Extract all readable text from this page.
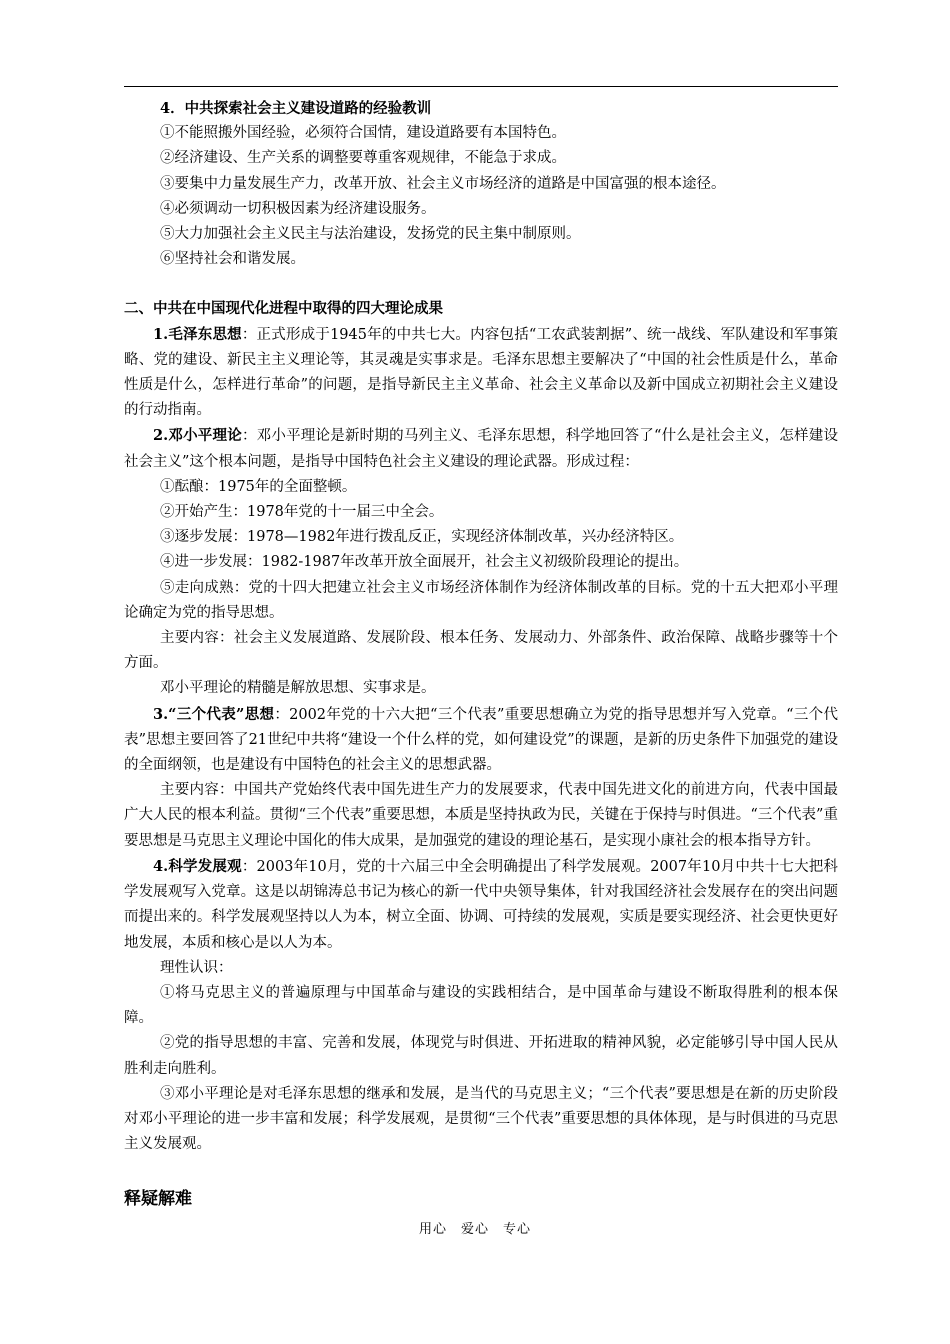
4．中共探索社会主义建设道路的经验教训

①不能照搬外国经验，必须符合国情，建设道路要有本国特色。

②经济建设、生产关系的调整要尊重客观规律，不能急于求成。

③要集中力量发展生产力，改革开放、社会主义市场经济的道路是中国富强的根本途径。

④必须调动一切积极因素为经济建设服务。

⑤大力加强社会主义民主与法治建设，发扬党的民主集中制原则。

⑥坚持社会和谐发展。

二、中共在中国现代化进程中取得的四大理论成果

1.毛泽东思想：正式形成于1945年的中共七大。内容包括“工农武装割据”、统一战线、军队建设和军事策略、党的建设、新民主主义理论等，其灵魂是实事求是。毛泽东思想主要解决了“中国的社会性质是什么，革命性质是什么，怎样进行革命”的问题，是指导新民主主义革命、社会主义革命以及新中国成立初期社会主义建设的行动指南。

2.邓小平理论：邓小平理论是新时期的马列主义、毛泽东思想，科学地回答了“什么是社会主义，怎样建设社会主义”这个根本问题，是指导中国特色社会主义建设的理论武器。形成过程：

①酝酿：1975年的全面整顿。

②开始产生：1978年党的十一届三中全会。

③逐步发展：1978—1982年进行拨乱反正，实现经济体制改革，兴办经济特区。

④进一步发展：1982-1987年改革开放全面展开，社会主义初级阶段理论的提出。

⑤走向成熟：党的十四大把建立社会主义市场经济体制作为经济体制改革的目标。党的十五大把邓小平理论确定为党的指导思想。

主要内容：社会主义发展道路、发展阶段、根本任务、发展动力、外部条件、政治保障、战略步骤等十个方面。

邓小平理论的精髓是解放思想、实事求是。

3.“三个代表”思想：2002年党的十六大把“三个代表”重要思想确立为党的指导思想并写入党章。“三个代表”思想主要回答了21世纪中共将“建设一个什么样的党，如何建设党”的课题，是新的历史条件下加强党的建设的全面纲领，也是建设有中国特色的社会主义的思想武器。

主要内容：中国共产党始终代表中国先进生产力的发展要求，代表中国先进文化的前进方向，代表中国最广大人民的根本利益。贯彻“三个代表”重要思想，本质是坚持执政为民，关键在于保持与时俱进。“三个代表”重要思想是马克思主义理论中国化的伟大成果，是加强党的建设的理论基石，是实现小康社会的根本指导方针。

4.科学发展观：2003年10月，党的十六届三中全会明确提出了科学发展观。2007年10月中共十七大把科学发展观写入党章。这是以胡锦涛总书记为核心的新一代中央领导集体，针对我国经济社会发展存在的突出问题而提出来的。科学发展观坚持以人为本，树立全面、协调、可持续的发展观，实质是要实现经济、社会更快更好地发展，本质和核心是以人为本。

理性认识：

①将马克思主义的普遍原理与中国革命与建设的实践相结合，是中国革命与建设不断取得胜利的根本保障。

②党的指导思想的丰富、完善和发展，体现党与时俱进、开拓进取的精神风貌，必定能够引导中国人民从胜利走向胜利。

③邓小平理论是对毛泽东思想的继承和发展，是当代的马克思主义；“三个代表”要思想是在新的历史阶段对邓小平理论的进一步丰富和发展；科学发展观，是贯彻“三个代表”重要思想的具体体现，是与时俱进的马克思主义发展观。

释疑解难

用心　爱心　专心
